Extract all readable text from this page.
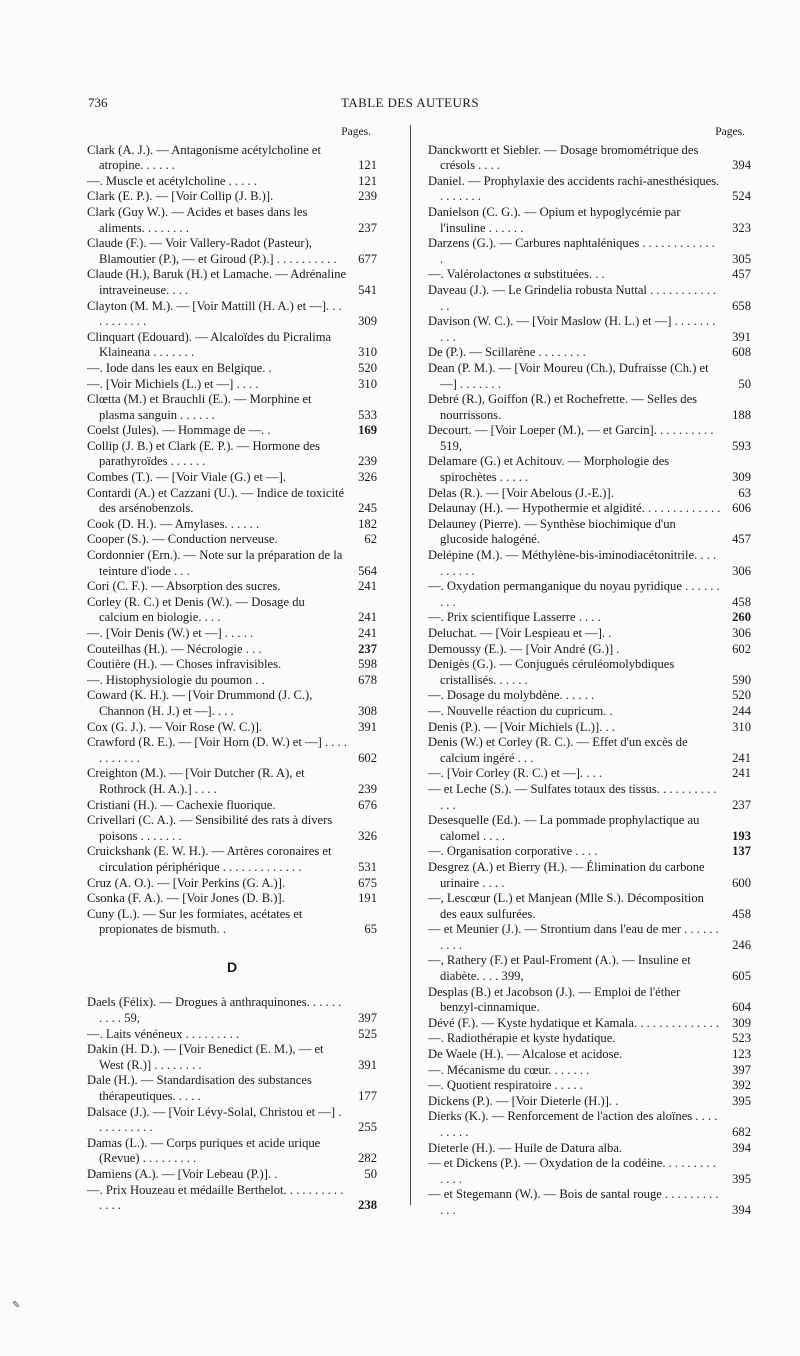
736	TABLE DES AUTEURS
Pages.
Clark (A. J.). — Antagonisme acétylcholine et atropine. . . . . .	121
—. Muscle et acétylcholine . . . . .	121
Clark (E. P.). — [Voir Collip (J. B.)].	239
Clark (Guy W.). — Acides et bases dans les aliments. . . . . . . .	237
Claude (F.). — Voir Vallery-Radot (Pasteur), Blamoutier (P.), — et Giroud (P.).] . . . . . . . . . . 677
Claude (H.), Baruk (H.) et Lamache. — Adrénaline intraveineuse. . . .	541
Clayton (M. M.). — [Voir Mattill (H. A.) et —]. . . . . . . . . . .	309
Clinquart (Edouard). — Alcaloïdes du Picralima Klaineana . . . . . . .	310
—. Iode dans les eaux en Belgique. .	520
—. [Voir Michiels (L.) et —] . . . .	310
Clœtta (M.) et Brauchli (E.). — Morphine et plasma sanguin . . . . . .	533
Coelst (Jules). — Hommage de —. .	169
Collip (J. B.) et Clark (E. P.). — Hormone des parathyroïdes . . . . . .	239
Combes (T.). — [Voir Viale (G.) et —].	326
Contardi (A.) et Cazzani (U.). — Indice de toxicité des arsénobenzols.	245
Cook (D. H.). — Amylases. . . . . .	182
Cooper (S.). — Conduction nerveuse.	62
Cordonnier (Ern.). — Note sur la préparation de la teinture d'iode . . .	564
Cori (C. F.). — Absorption des sucres.	241
Corley (R. C.) et Denis (W.). — Dosage du calcium en biologie. . . .	241
—. [Voir Denis (W.) et —] . . . . .	241
Couteilhas (H.). — Nécrologie . . .	237
Coutière (H.). — Choses infravisibles.	598
—. Histophysiologie du poumon . .	678
Coward (K. H.). — [Voir Drummond (J. C.), Channon (H. J.) et —]. . . .	308
Cox (G. J.). — Voir Rose (W. C.)].	391
Crawford (R. E.). — [Voir Horn (D. W.) et —] . . . . . . . . . . .	602
Creighton (M.). — [Voir Dutcher (R. A), et Rothrock (H. A.).] . . . .	239
Cristiani (H.). — Cachexie fluorique.	676
Crivellari (C. A.). — Sensibilité des rats à divers poisons . . . . . . .	326
Cruickshank (E. W. H.). — Artères coronaires et circulation périphérique . . . . . . . . . . . . .	531
Cruz (A. O.). — [Voir Perkins (G. A.)].	675
Csonka (F. A.). — [Voir Jones (D. B.)].	191
Cuny (L.). — Sur les formiates, acétates et propionates de bismuth. .	65
D
Daels (Félix). — Drogues à anthraquinones. . . . . . . . . . 59,	397
—. Laits vénéneux . . . . . . . . .	525
Dakin (H. D.). — [Voir Benedict (E. M.), — et West (R.)] . . . . . . . .	391
Dale (H.). — Standardisation des substances thérapeutiques. . . . .	177
Dalsace (J.). — [Voir Lévy-Solal, Christou et —] . . . . . . . . . .	255
Damas (L.). — Corps puriques et acide urique (Revue) . . . . . . . . .	282
Damiens (A.). — [Voir Lebeau (P.)]. .	50
—. Prix Houzeau et médaille Berthelot. . . . . . . . . . . . . .	238
Pages.
Danckwortt et Siebler. — Dosage bromométrique des crésols . . . .	394
Daniel. — Prophylaxie des accidents rachi-anesthésiques. . . . . . . .	524
Danielson (C. G.). — Opium et hypoglycémie par l'insuline . . . . . .	323
Darzens (G.). — Carbures naphtaléniques . . . . . . . . . . . . .	305
—. Valérolactones α substituées. . .	457
Daveau (J.). — Le Grindelia robusta Nuttal . . . . . . . . . . . . .	658
Davison (W. C.). — [Voir Maslow (H. L.) et —] . . . . . . . . . .	391
De (P.). — Scillarène . . . . . . . .	608
Dean (P. M.). — [Voir Moureu (Ch.), Dufraisse (Ch.) et —] . . . . . . .	50
Debré (R.), Goiffon (R.) et Rochefrette. — Selles des nourrissons.	188
Decourt. — [Voir Loeper (M.), — et Garcin]. . . . . . . . . . 519,	593
Delamare (G.) et Achitouv. — Morphologie des spirochètes . . . . .	309
Delas (R.). — [Voir Abelous (J.-E.)].	63
Delaunay (H.). — Hypothermie et algidité. . . . . . . . . . . . . 606
Delauney (Pierre). — Synthèse biochimique d'un glucoside halogéné.	457
Delépine (M.). — Méthylène-bis-iminodiacétonitrile. . . . . . . . . .	306
—. Oxydation permanganique du noyau pyridique . . . . . . . . .	458
—. Prix scientifique Lasserre . . . .	260
Deluchat. — [Voir Lespieau et —]. .	306
Demoussy (E.). — [Voir André (G.)] .	602
Denigès (G.). — Conjugués céruléomolybdiques cristallisés. . . . . .	590
—. Dosage du molybdène. . . . . .	520
—. Nouvelle réaction du cupricum. .	244
Denis (P.). — [Voir Michiels (L.)]. . .	310
Denis (W.) et Corley (R. C.). — Effet d'un excès de calcium ingéré . . .	241
—. [Voir Corley (R. C.) et —]. . . .	241
— et Leche (S.). — Sulfates totaux des tissus. . . . . . . . . . . . .	237
Desesquelle (Ed.). — La pommade prophylactique au calomel . . . .	193
—. Organisation corporative . . . .	137
Desgrez (A.) et Bierry (H.). — Élimination du carbone urinaire . . . .	600
—, Lescœur (L.) et Manjean (Mlle S.). Décomposition des eaux sulfurées.	458
— et Meunier (J.). — Strontium dans l'eau de mer . . . . . . . . . .	246
—, Rathery (F.) et Paul-Froment (A.). — Insuline et diabète. . . . 399,	605
Desplas (B.) et Jacobson (J.). — Emploi de l'éther benzyl-cinnamique.	604
Dévé (F.). — Kyste hydatique et Kamala. . . . . . . . . . . . . . 309
—. Radiothérapie et kyste hydatique.	523
De Waele (H.). — Alcalose et acidose.	123
—. Mécanisme du cœur. . . . . . .	397
—. Quotient respiratoire . . . . .	392
Dickens (P.). — [Voir Dieterle (H.)]. .	395
Dierks (K.). — Renforcement de l'action des aloïnes . . . . . . . . .	682
Dieterle (H.). — Huile de Datura alba.	394
— et Dickens (P.). — Oxydation de la codéine. . . . . . . . . . . . .	395
— et Stegemann (W.). — Bois de santal rouge . . . . . . . . . . . .	394
✎
